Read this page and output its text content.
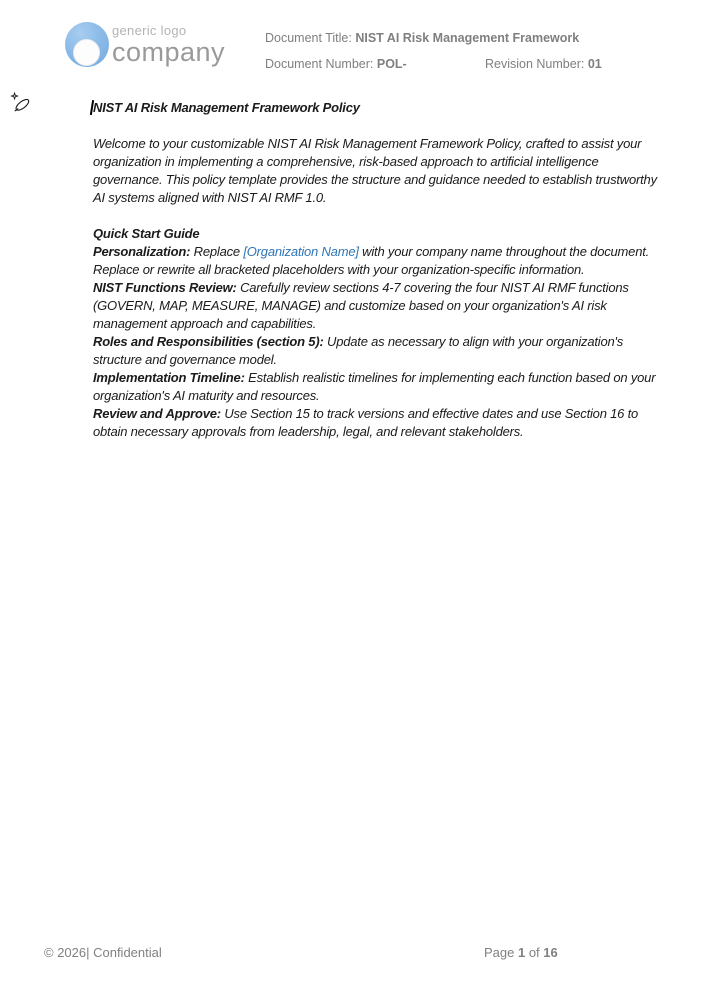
generic logo
company	Document Title: NIST AI Risk Management Framework
Document Number: POL-	Revision Number: 01

NIST AI Risk Management Framework Policy

Welcome to your customizable NIST AI Risk Management Framework Policy, crafted to assist your organization in implementing a comprehensive, risk-based approach to artificial intelligence governance. This policy template provides the structure and guidance needed to establish trustworthy AI systems aligned with NIST AI RMF 1.0.

Quick Start Guide

Personalization: Replace [Organization Name] with your company name throughout the document. Replace or rewrite all bracketed placeholders with your organization-specific information.

NIST Functions Review: Carefully review sections 4-7 covering the four NIST AI RMF functions (GOVERN, MAP, MEASURE, MANAGE) and customize based on your organization's AI risk management approach and capabilities.

Roles and Responsibilities (section 5): Update as necessary to align with your organization's structure and governance model.

Implementation Timeline: Establish realistic timelines for implementing each function based on your organization's AI maturity and resources.

Review and Approve: Use Section 15 to track versions and effective dates and use Section 16 to obtain necessary approvals from leadership, legal, and relevant stakeholders.

© 2026| Confidential	Page 1 of 16
